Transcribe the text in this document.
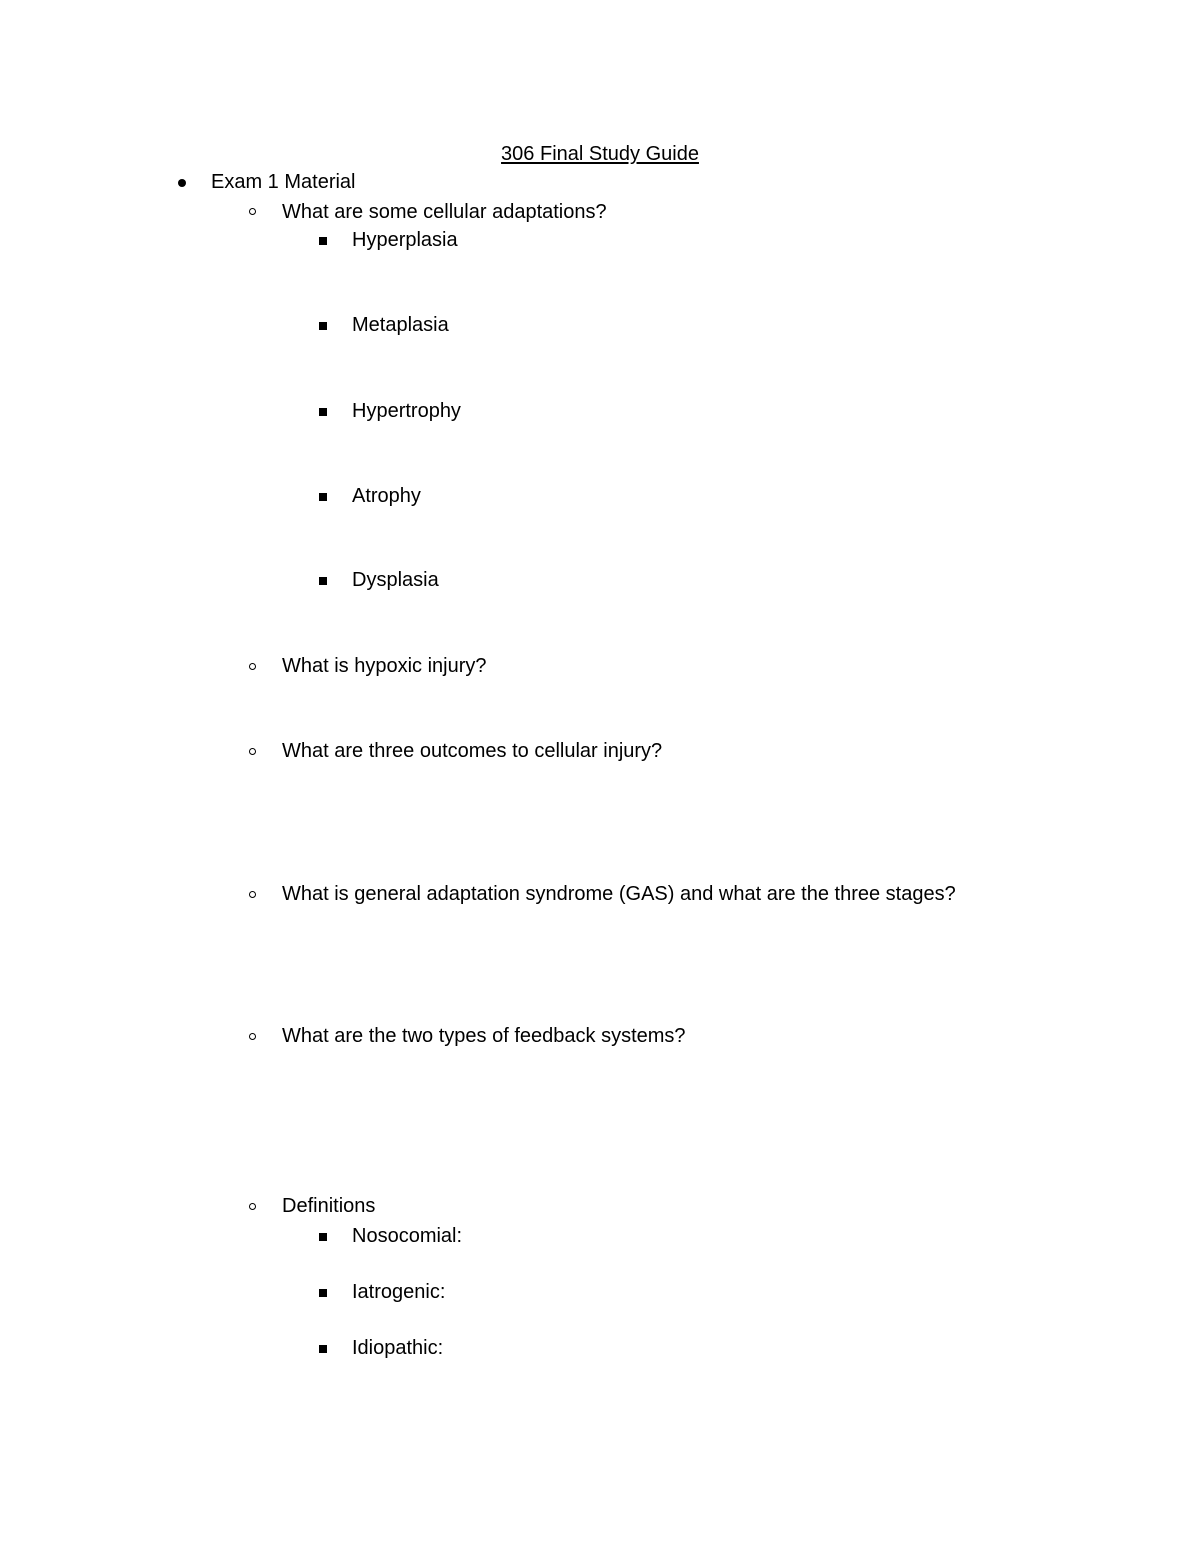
306 Final Study Guide
Exam 1 Material
What are some cellular adaptations?
Hyperplasia
Metaplasia
Hypertrophy
Atrophy
Dysplasia
What is hypoxic injury?
What are three outcomes to cellular injury?
What is general adaptation syndrome (GAS) and what are the three stages?
What are the two types of feedback systems?
Definitions
Nosocomial:
Iatrogenic:
Idiopathic:
